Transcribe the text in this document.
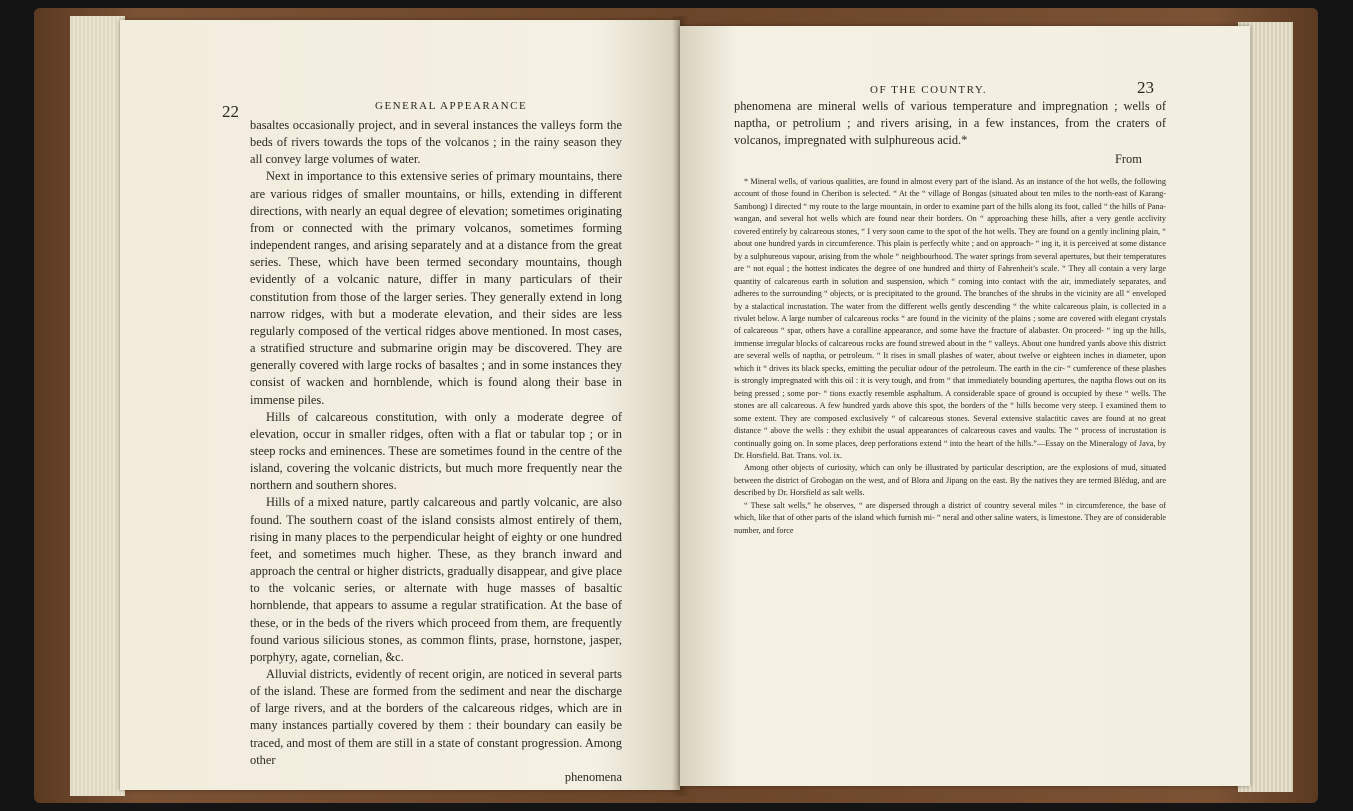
22	GENERAL APPEARANCE

basaltes occasionally project, and in several instances the valleys form the beds of rivers towards the tops of the volcanos ; in the rainy season they all convey large volumes of water.

Next in importance to this extensive series of primary mountains, there are various ridges of smaller mountains, or hills, extending in different directions, with nearly an equal degree of elevation; sometimes originating from or connected with the primary volcanos, sometimes forming independent ranges, and arising separately and at a distance from the great series. These, which have been termed secondary mountains, though evidently of a volcanic nature, differ in many particulars of their constitution from those of the larger series. They generally extend in long narrow ridges, with but a moderate elevation, and their sides are less regularly composed of the vertical ridges above mentioned. In most cases, a stratified structure and submarine origin may be discovered. They are generally covered with large rocks of basaltes ; and in some instances they consist of wacken and hornblende, which is found along their base in immense piles.

Hills of calcareous constitution, with only a moderate degree of elevation, occur in smaller ridges, often with a flat or tabular top ; or in steep rocks and eminences. These are sometimes found in the centre of the island, covering the volcanic districts, but much more frequently near the northern and southern shores.

Hills of a mixed nature, partly calcareous and partly volcanic, are also found. The southern coast of the island consists almost entirely of them, rising in many places to the perpendicular height of eighty or one hundred feet, and sometimes much higher. These, as they branch inward and approach the central or higher districts, gradually disappear, and give place to the volcanic series, or alternate with huge masses of basaltic hornblende, that appears to assume a regular stratification. At the base of these, or in the beds of the rivers which proceed from them, are frequently found various silicious stones, as common flints, prase, hornstone, jasper, porphyry, agate, cornelian, &c.

Alluvial districts, evidently of recent origin, are noticed in several parts of the island. These are formed from the sediment and near the discharge of large rivers, and at the borders of the calcareous ridges, which are in many instances partially covered by them : their boundary can easily be traced, and most of them are still in a state of constant progression. Among other

phenomena
OF THE COUNTRY.	23

phenomena are mineral wells of various temperature and impregnation ; wells of naptha, or petrolium ; and rivers arising, in a few instances, from the craters of volcanos, impregnated with sulphureous acid.*

From

* Mineral wells, of various qualities, are found in almost every part of the island. As an instance of the hot wells, the following account of those found in Cheribon is selected. “ At the “ village of Bongas (situated about ten miles to the north-east of Karang-Sambong) I directed “ my route to the large mountain, in order to examine part of the hills along its foot, called “ the hills of Pana-wangan, and several hot wells which are found near their borders. On “ approaching these hills, after a very gentle acclivity covered entirely by calcareous stones, “ I very soon came to the spot of the hot wells. They are found on a gently inclining plain, “ about one hundred yards in circumference. This plain is perfectly white ; and on approach- “ ing it, it is perceived at some distance by a sulphureous vapour, arising from the whole “ neighbourhood. The water springs from several apertures, but their temperatures are “ not equal ; the hottest indicates the degree of one hundred and thirty of Fahrenheit’s scale. “ They all contain a very large quantity of calcareous earth in solution and suspension, which “ coming into contact with the air, immediately separates, and adheres to the surrounding “ objects, or is precipitated to the ground. The branches of the shrubs in the vicinity are all “ enveloped by a stalactical incrustation. The water from the different wells gently descending “ the white calcareous plain, is collected in a rivulet below. A large number of calcareous rocks “ are found in the vicinity of the plains ; some are covered with elegant crystals of calcareous “ spar, others have a coralline appearance, and some have the fracture of alabaster. On proceed- “ ing up the hills, immense irregular blocks of calcareous rocks are found strewed about in the “ valleys. About one hundred yards above this district are several wells of naptha, or petroleum. “ It rises in small plashes of water, about twelve or eighteen inches in diameter, upon which it “ drives its black specks, emitting the peculiar odour of the petroleum. The earth in the cir- “ cumference of these plashes is strongly impregnated with this oil : it is very tough, and from “ that immediately bounding apertures, the naptha flows out on its being pressed ; some por- “ tions exactly resemble asphaltum. A considerable space of ground is occupied by these “ wells. The stones are all calcareous. A few hundred yards above this spot, the borders of the “ hills become very steep. I examined them to some extent. They are composed exclusively “ of calcareous stones. Several extensive stalactitic caves are found at no great distance “ above the wells : they exhibit the usual appearances of calcareous caves and vaults. The “ process of incrustation is continually going on. In some places, deep perforations extend “ into the heart of the hills.”—Essay on the Mineralogy of Java, by Dr. Horsfield. Bat. Trans. vol. ix.

Among other objects of curiosity, which can only be illustrated by particular description, are the explosions of mud, situated between the district of Grobogan on the west, and of Blora and Jipang on the east. By the natives they are termed Blédug, and are described by Dr. Horsfield as salt wells.

“ These salt wells,” he observes, “ are dispersed through a district of country several miles “ in circumference, the base of which, like that of other parts of the island which furnish mi- “ neral and other saline waters, is limestone. They are of considerable number, and force
